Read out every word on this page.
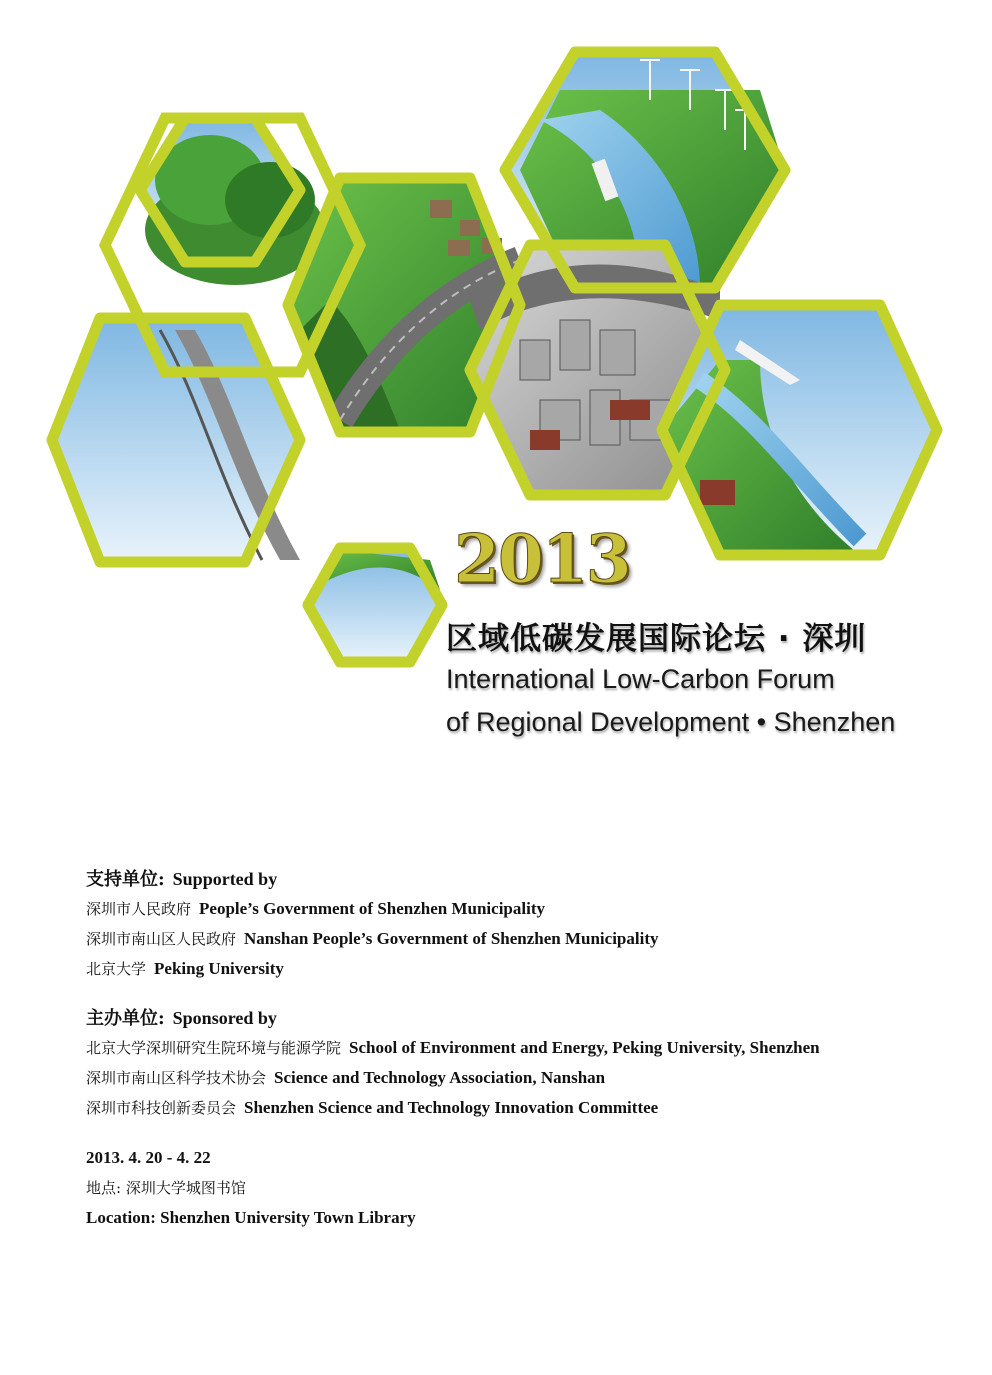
2013
区域低碳发展国际论坛 · 深圳
International Low-Carbon Forum
of Regional Development • Shenzhen
支持单位: Supported by
深圳市人民政府 People’s Government of Shenzhen Municipality
深圳市南山区人民政府 Nanshan People’s Government of Shenzhen Municipality
北京大学 Peking University
主办单位: Sponsored by
北京大学深圳研究生院环境与能源学院 School of Environment and Energy, Peking University, Shenzhen
深圳市南山区科学技术协会 Science and Technology Association, Nanshan
深圳市科技创新委员会 Shenzhen Science and Technology Innovation Committee
2013. 4. 20 - 4. 22
地点: 深圳大学城图书馆
Location: Shenzhen University Town Library
